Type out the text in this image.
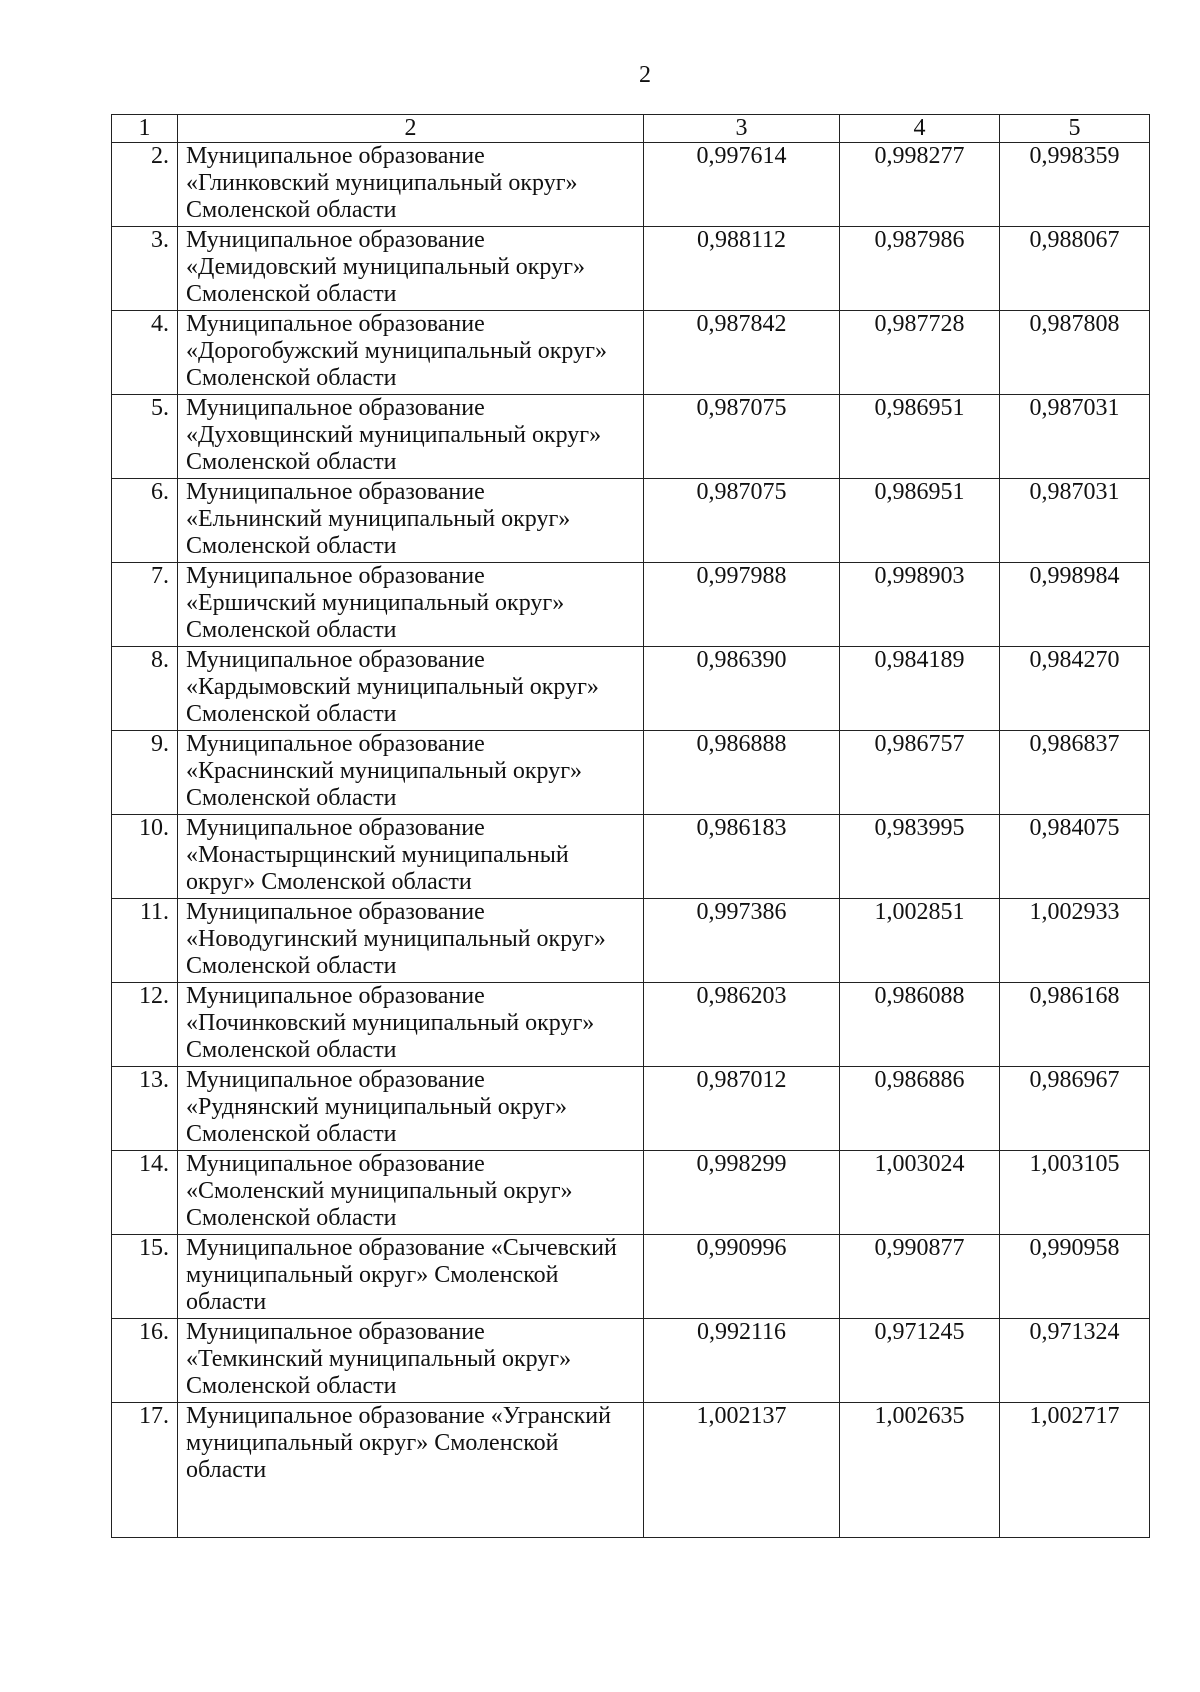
2
1	2	3	4	5
2.	Муниципальное образование
«Глинковский муниципальный округ»
Смоленской области	0,997614	0,998277	0,998359
3.	Муниципальное образование
«Демидовский муниципальный округ»
Смоленской области	0,988112	0,987986	0,988067
4.	Муниципальное образование
«Дорогобужский муниципальный округ»
Смоленской области	0,987842	0,987728	0,987808
5.	Муниципальное образование
«Духовщинский муниципальный округ»
Смоленской области	0,987075	0,986951	0,987031
6.	Муниципальное образование
«Ельнинский муниципальный округ»
Смоленской области	0,987075	0,986951	0,987031
7.	Муниципальное образование
«Ершичский муниципальный округ»
Смоленской области	0,997988	0,998903	0,998984
8.	Муниципальное образование
«Кардымовский муниципальный округ»
Смоленской области	0,986390	0,984189	0,984270
9.	Муниципальное образование
«Краснинский муниципальный округ»
Смоленской области	0,986888	0,986757	0,986837
10.	Муниципальное образование
«Монастырщинский муниципальный
округ» Смоленской области	0,986183	0,983995	0,984075
11.	Муниципальное образование
«Новодугинский муниципальный округ»
Смоленской области	0,997386	1,002851	1,002933
12.	Муниципальное образование
«Починковский муниципальный округ»
Смоленской области	0,986203	0,986088	0,986168
13.	Муниципальное образование
«Руднянский муниципальный округ»
Смоленской области	0,987012	0,986886	0,986967
14.	Муниципальное образование
«Смоленский муниципальный округ»
Смоленской области	0,998299	1,003024	1,003105
15.	Муниципальное образование «Сычевский
муниципальный округ» Смоленской
области	0,990996	0,990877	0,990958
16.	Муниципальное образование
«Темкинский муниципальный округ»
Смоленской области	0,992116	0,971245	0,971324
17.	Муниципальное образование «Угранский
муниципальный округ» Смоленской
области	1,002137	1,002635	1,002717
